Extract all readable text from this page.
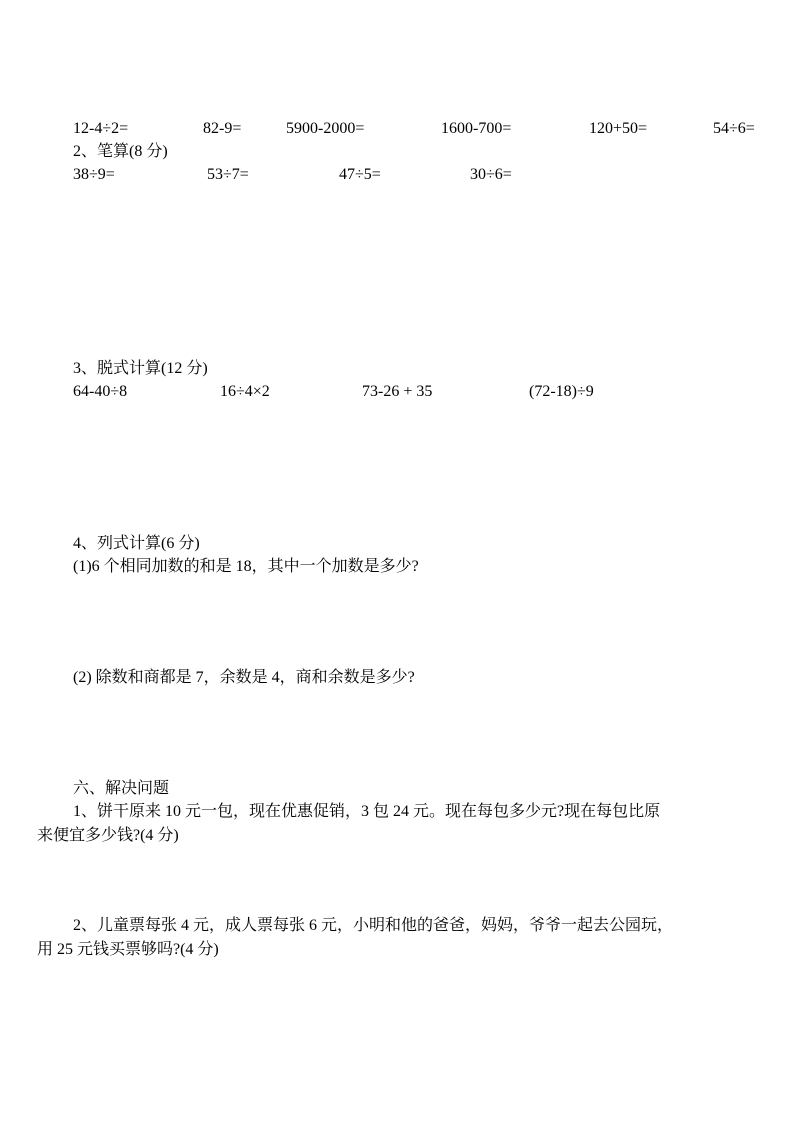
12-4÷2=	82-9=	5900-2000=	1600-700=	120+50=	54÷6=
2、笔算(8 分)
38÷9=	53÷7=	47÷5=	30÷6=
3、脱式计算(12 分)
64-40÷8	16÷4×2	73-26 + 35	(72-18)÷9
4、列式计算(6 分)
(1)6 个相同加数的和是 18，其中一个加数是多少?
(2) 除数和商都是 7，余数是 4，商和余数是多少?
六、解决问题
1、饼干原来 10 元一包，现在优惠促销，3 包 24 元。现在每包多少元?现在每包比原
来便宜多少钱?(4 分)
2、儿童票每张 4 元，成人票每张 6 元，小明和他的爸爸，妈妈，爷爷一起去公园玩，
用 25 元钱买票够吗?(4 分)
